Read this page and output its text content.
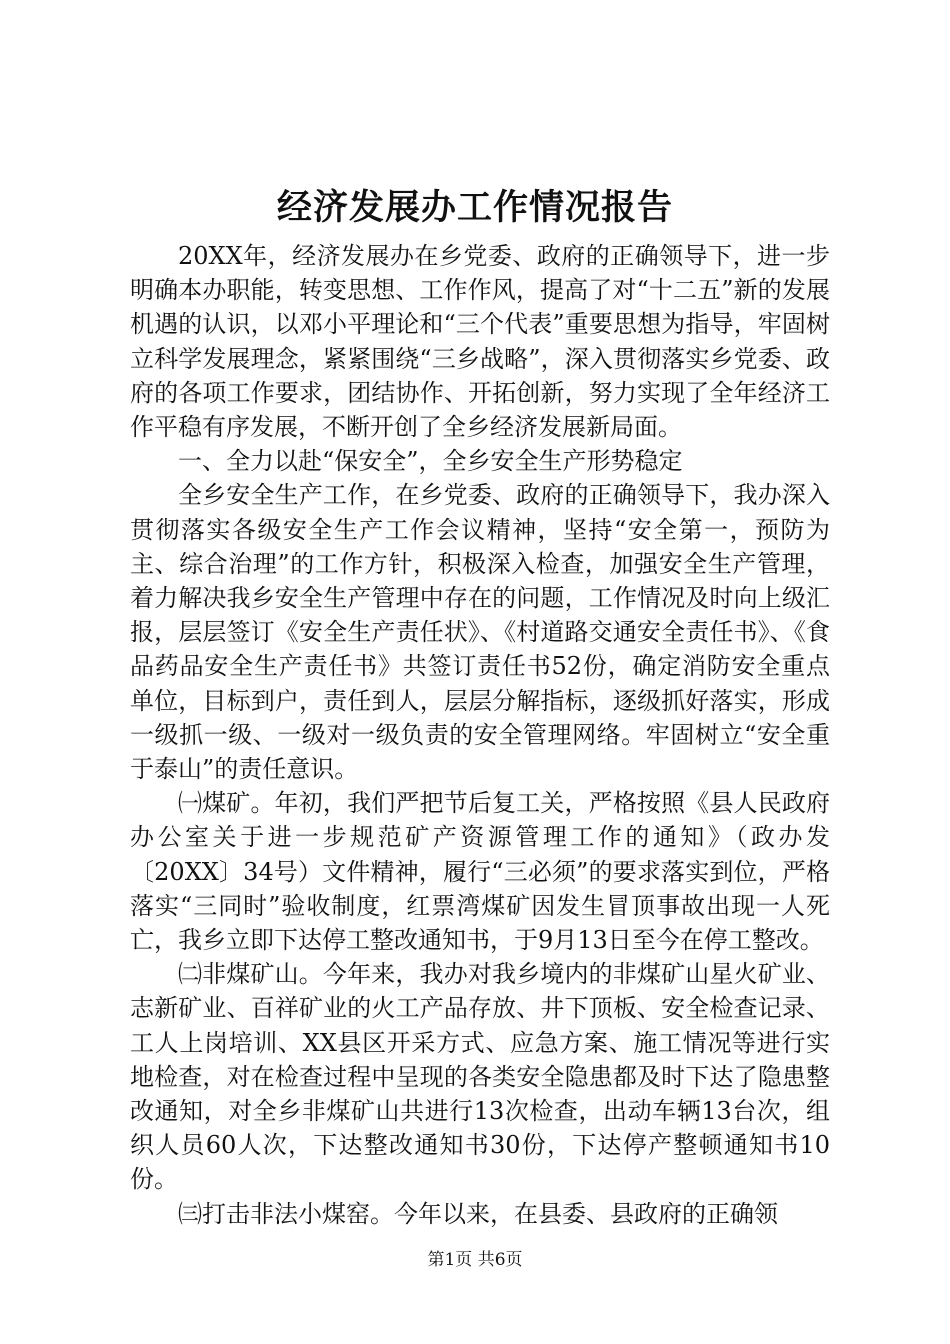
经济发展办工作情况报告

20XX年，经济发展办在乡党委、政府的正确领导下，进一步明确本办职能，转变思想、工作作风，提高了对“十二五”新的发展机遇的认识，以邓小平理论和“三个代表”重要思想为指导，牢固树立科学发展理念，紧紧围绕“三乡战略”，深入贯彻落实乡党委、政府的各项工作要求，团结协作、开拓创新，努力实现了全年经济工作平稳有序发展，不断开创了全乡经济发展新局面。

一、全力以赴“保安全”，全乡安全生产形势稳定

全乡安全生产工作，在乡党委、政府的正确领导下，我办深入贯彻落实各级安全生产工作会议精神，坚持“安全第一，预防为主、综合治理”的工作方针，积极深入检查，加强安全生产管理，着力解决我乡安全生产管理中存在的问题，工作情况及时向上级汇报，层层签订《安全生产责任状》、《村道路交通安全责任书》、《食品药品安全生产责任书》共签订责任书52份，确定消防安全重点单位，目标到户，责任到人，层层分解指标，逐级抓好落实，形成一级抓一级、一级对一级负责的安全管理网络。牢固树立“安全重于泰山”的责任意识。

㈠煤矿。年初，我们严把节后复工关，严格按照《县人民政府办公室关于进一步规范矿产资源管理工作的通知》（政办发〔20XX〕34号）文件精神，履行“三必须”的要求落实到位，严格落实“三同时”验收制度，红票湾煤矿因发生冒顶事故出现一人死亡，我乡立即下达停工整改通知书，于9月13日至今在停工整改。

㈡非煤矿山。今年来，我办对我乡境内的非煤矿山星火矿业、志新矿业、百祥矿业的火工产品存放、井下顶板、安全检查记录、工人上岗培训、XX县区开采方式、应急方案、施工情况等进行实地检查，对在检查过程中呈现的各类安全隐患都及时下达了隐患整改通知，对全乡非煤矿山共进行13次检查，出动车辆13台次，组织人员60人次，下达整改通知书30份，下达停产整顿通知书10份。

㈢打击非法小煤窑。今年以来，在县委、县政府的正确领

第1页 共6页
